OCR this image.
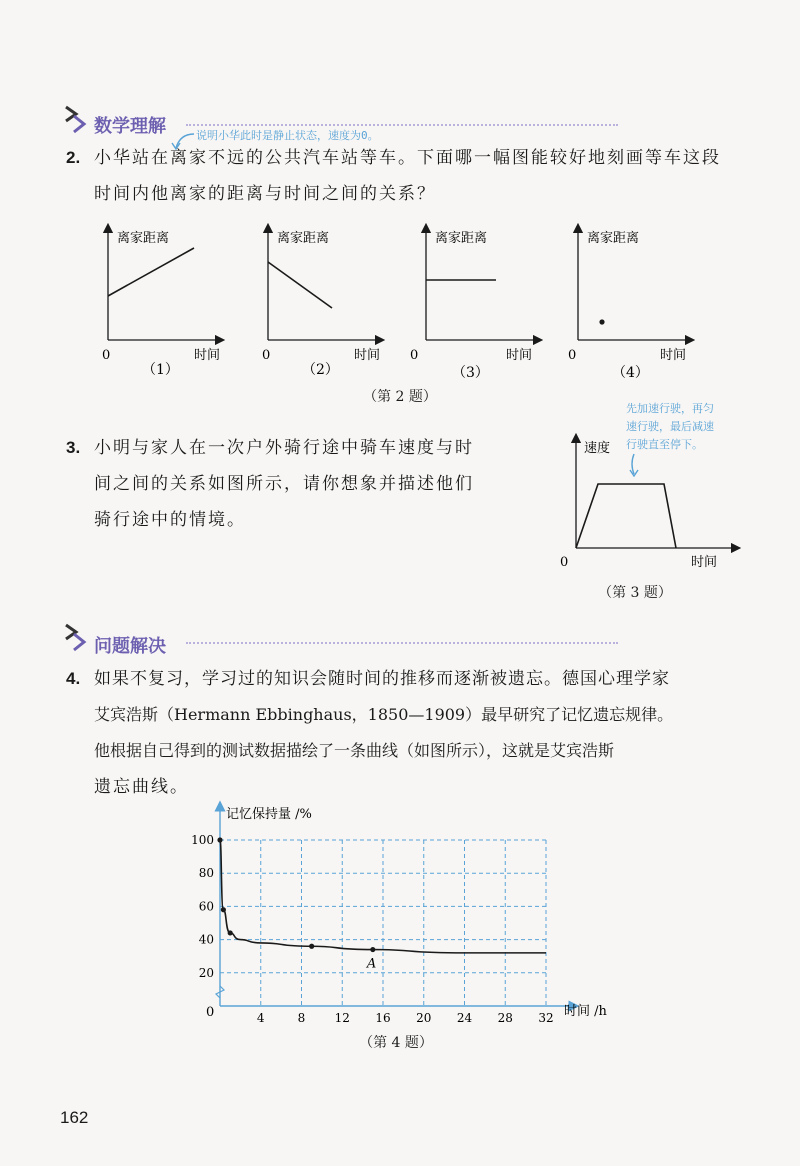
数学理解	说明小华此时是静止状态，速度为0。
2. 小华站在离家不远的公共汽车站等车。下面哪一幅图能较好地刻画等车这段时间内他离家的距离与时间之间的关系？
离家距离
时间
0
（1）
离家距离
时间
0
（2）
离家距离
时间
0
（3）
离家距离
时间
0
（4）
（第 2 题）
3. 小明与家人在一次户外骑行途中骑车速度与时
间之间的关系如图所示，请你想象并描述他们
骑行途中的情境。
先加速行驶，再匀
速行驶，最后减速
行驶直至停下。
速度
时间
0
（第 3 题）
问题解决
4. 如果不复习，学习过的知识会随时间的推移而逐渐被遗忘。德国心理学家
艾宾浩斯（Hermann Ebbinghaus，1850—1909）最早研究了记忆遗忘规律。
他根据自己得到的测试数据描绘了一条曲线（如图所示），这就是艾宾浩斯
遗忘曲线。
4	8 12 16 20 24 28 32
20
40
60
80
100
A
记忆保持量 /%
时间 /h
0
（第 4 题）
162
